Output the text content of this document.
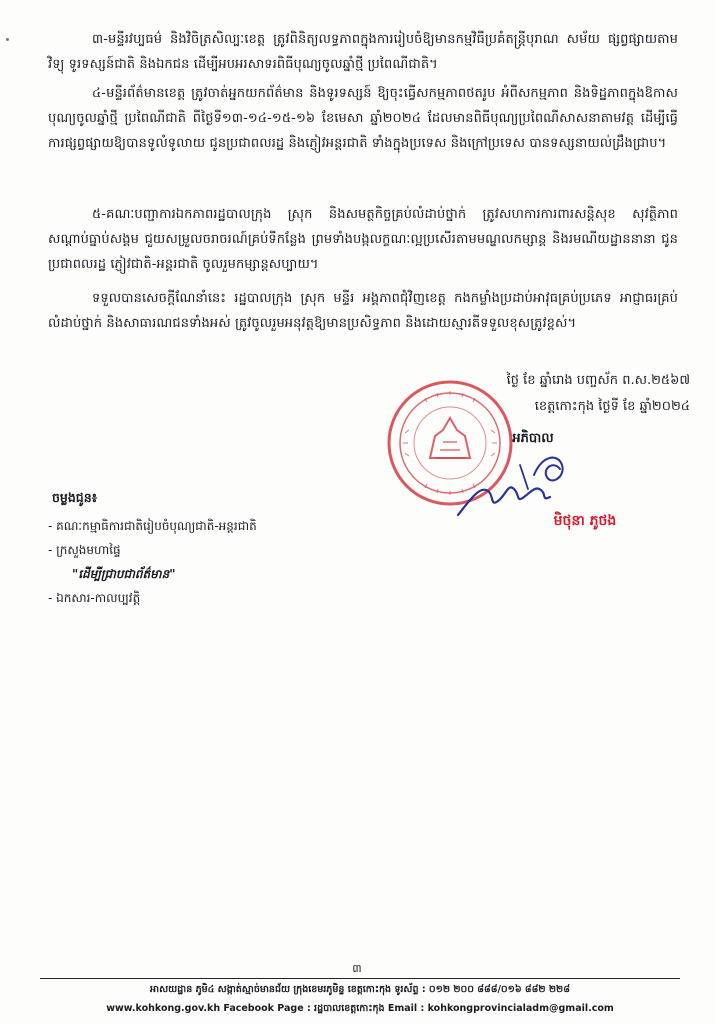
៣-មន្ទីរវប្បធម៌ និងវិចិត្រសិល្បៈខេត្ត ត្រូវពិនិត្យលទ្ធភាពក្នុងការរៀបចំឱ្យមានកម្មវិធីប្រគំតន្ត្រីបុរាណ សម័យ ផ្សព្វផ្សាយតាមវិទ្យុ ទូរទស្សន៍ជាតិ និងឯកជន ដើម្បីអបអរសាទរពិធីបុណ្យចូលឆ្នាំថ្មី ប្រពៃណីជាតិ។

៤-មន្ទីរព័ត៌មានខេត្ត ត្រូវចាត់អ្នកយកព័ត៌មាន និងទូរទស្សន៍ ឱ្យចុះធ្វើសកម្មភាពថតរូប អំពីសកម្មភាព និងទិដ្ឋភាពក្នុងឱកាសបុណ្យចូលឆ្នាំថ្មី ប្រពៃណីជាតិ ពីថ្ងៃទី១៣-១៤-១៥-១៦ ខែមេសា ឆ្នាំ២០២៤ ដែលមានពិធីបុណ្យប្រពៃណីសាសនាតាមវត្ត ដើម្បីធ្វើការផ្សព្វផ្សាយឱ្យបានទូលំទូលាយ ជូនប្រជាពលរដ្ឋ និងភ្ញៀវអន្តរជាតិ ទាំងក្នុងប្រទេស និងក្រៅប្រទេស បានទស្សនាយល់ដ្រឹងជ្រាប។

៥-គណៈបញ្ជាការឯកភាពរដ្ឋបាលក្រុង ស្រុក និងសមត្ថកិច្ចគ្រប់លំដាប់ថ្នាក់ ត្រូវសហការការពារសន្តិសុខ សុវត្ថិភាព សណ្តាប់ធ្នាប់សង្គម ជួយសម្រួលចរាចរណ៍គ្រប់ទីកន្លែង ព្រមទាំងបង្កលក្ខណៈល្អប្រសើរតាមមណ្ឌលកម្សាន្ត និងរមណីយដ្ឋាននានា ជូនប្រជាពលរដ្ឋ ភ្ញៀវជាតិ-អន្តរជាតិ ចូលរួមកម្សាន្តសប្បាយ។

ទទួលបានសេចក្តីណែនាំនេះ រដ្ឋបាលក្រុង ស្រុក មន្ទីរ អង្គភាពជុំវិញខេត្ត កងកម្លាំងប្រដាប់អាវុធគ្រប់ប្រភេទ អាជ្ញាធរគ្រប់លំដាប់ថ្នាក់ និងសាធារណជនទាំងអស់ ត្រូវចូលរួមអនុវត្តឱ្យមានប្រសិទ្ធភាព និងដោយស្មារតីទទួលខុសត្រូវខ្ពស់។

ថ្ងៃ ខែ ឆ្នាំរោង បញ្ចស័ក ព.ស.២៥៦៧
ខេត្តកោះកុង ថ្ងៃទី ខែ ឆ្នាំ២០២៤
អភិបាល
មិថុនា ភូថង
ចម្លងជូន៖
- គណៈកម្មាធិការជាតិរៀបចំបុណ្យជាតិ-អន្តរជាតិ
- ក្រសួងមហាផ្ទៃ
"ដើម្បីជ្រាបជាព័ត៌មាន"
- ឯកសារ-កាលប្បវត្តិ
៣
អាសយដ្ឋាន ភូមិ៤ សង្កាត់ស្មាច់មានជ័យ ក្រុងខេមរភូមិន្ទ ខេត្តកោះកុង ទូរស័ព្ទ : ០១២ ២០០ ៨៨៨/០១៦ ៨៨២ ២២៨
www.kohkong.gov.kh Facebook Page : រដ្ឋបាលខេត្តកោះកុង Email : kohkongprovincialadm@gmail.com
